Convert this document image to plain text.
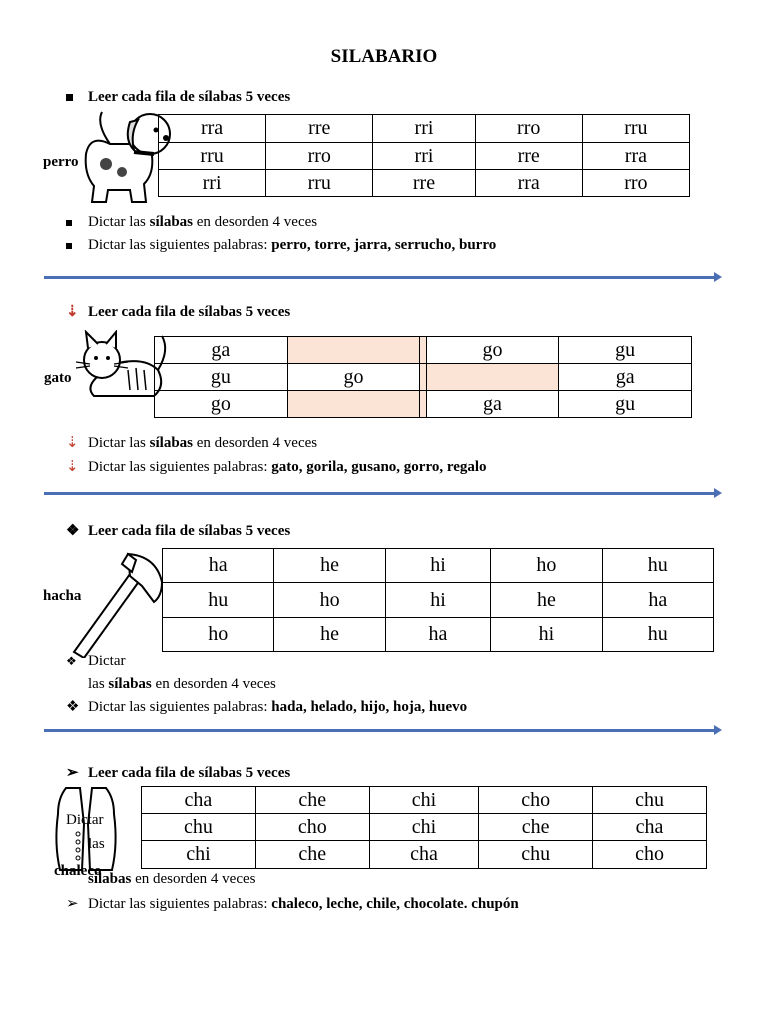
SILABARIO
Leer cada fila de sílabas 5 veces
perro
rra	rre	rri	rro	rru
rru	rro	rri	rre	rra
rri	rru	rre	rra	rro
Dictar las sílabas en desorden 4 veces
Dictar las siguientes palabras: perro, torre, jarra, serrucho, burro
⇣ Leer cada fila de sílabas 5 veces
gato
ga			go	gu
gu	go			ga
go			ga	gu
⇣ Dictar las sílabas en desorden 4 veces
⇣ Dictar las siguientes palabras: gato, gorila, gusano, gorro, regalo
❖ Leer cada fila de sílabas 5 veces
hacha
ha	he	hi	ho	hu
hu	ho	hi	he	ha
ho	he	ha	hi	hu
❖ Dictar
las sílabas en desorden 4 veces
❖ Dictar las siguientes palabras: hada, helado, hijo, hoja, huevo
➢ Leer cada fila de sílabas 5 veces
Dictar
las
chaleco
cha	che	chi	cho	chu
chu	cho	chi	che	cha
chi	che	cha	chu	cho
sílabas en desorden 4 veces
➢ Dictar las siguientes palabras: chaleco, leche, chile, chocolate. chupón
